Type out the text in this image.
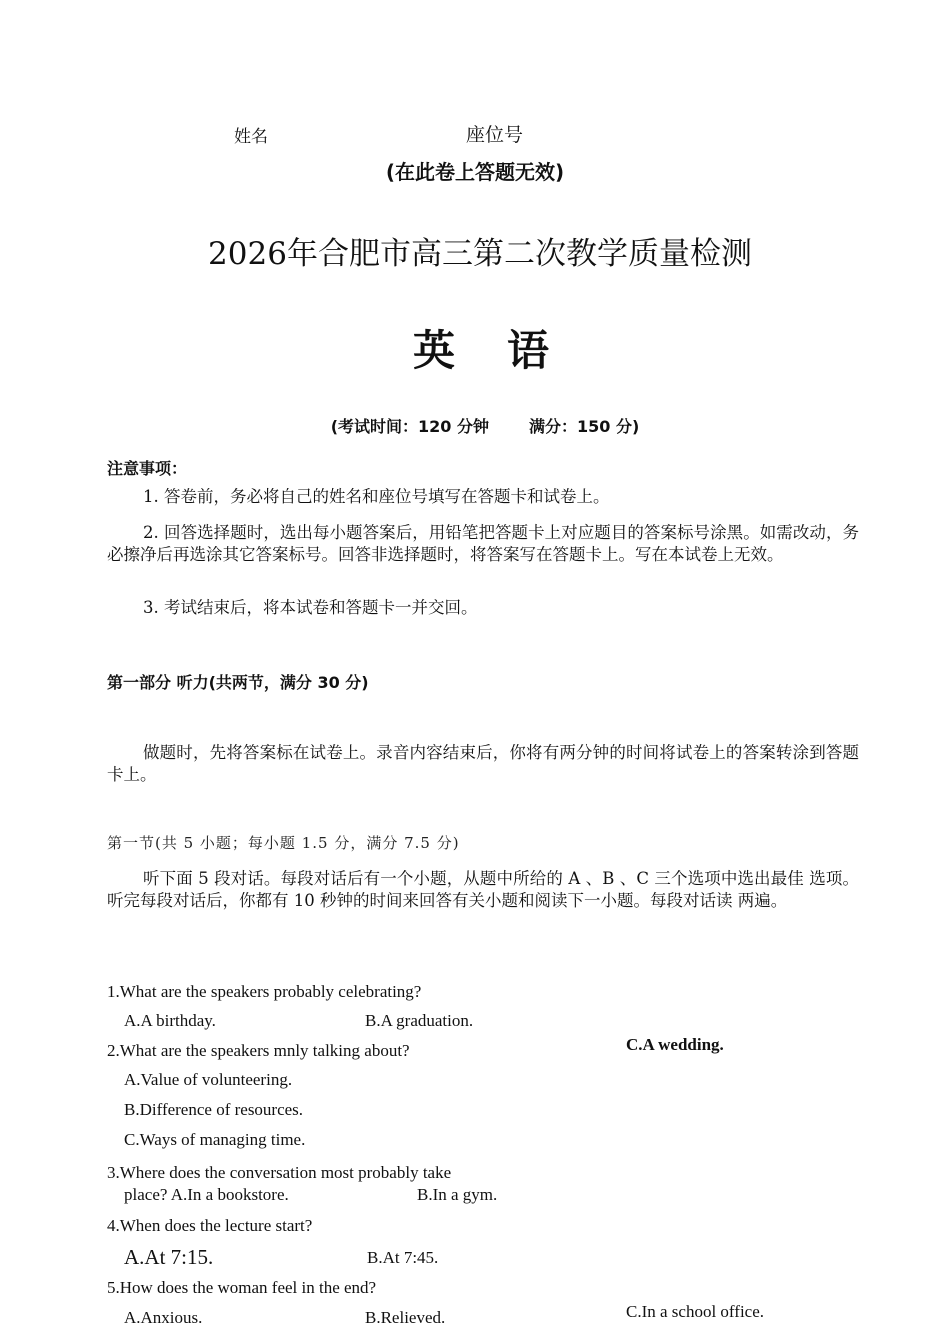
姓名	座位号
(在此卷上答题无效)
2026年合肥市高三第二次教学质量检测
英 语
(考试时间：120 分钟	满分：150 分)
注意事项：
1. 答卷前，务必将自己的姓名和座位号填写在答题卡和试卷上。
2. 回答选择题时，选出每小题答案后，用铅笔把答题卡上对应题目的答案标号涂黑。如需改动，务必擦净后再选涂其它答案标号。回答非选择题时，将答案写在答题卡上。写在本试卷上无效。
3. 考试结束后，将本试卷和答题卡一并交回。
第一部分 听力(共两节，满分 30 分)
做题时，先将答案标在试卷上。录音内容结束后，你将有两分钟的时间将试卷上的答案转涂到答题卡上。
第一节(共 5 小题；每小题 1.5 分，满分 7.5 分)
听下面 5 段对话。每段对话后有一个小题，从题中所给的 A 、B 、C 三个选项中选出最佳 选项。听完每段对话后，你都有 10 秒钟的时间来回答有关小题和阅读下一小题。每段对话读 两遍。
1.What are the speakers probably celebrating?
A.A birthday.	B.A graduation.
C.A wedding.
2.What are the speakers mnly talking about?
A.Value of volunteering.
B.Difference of resources.
C.Ways of managing time.
3.Where does the conversation most probably take
place? A.In a bookstore.	B.In a gym.
4.When does the lecture start?
A.At 7:15.	B.At 7:45.
5.How does the woman feel in the end?
A.Anxious.	B.Relieved.	C.In a school office.
